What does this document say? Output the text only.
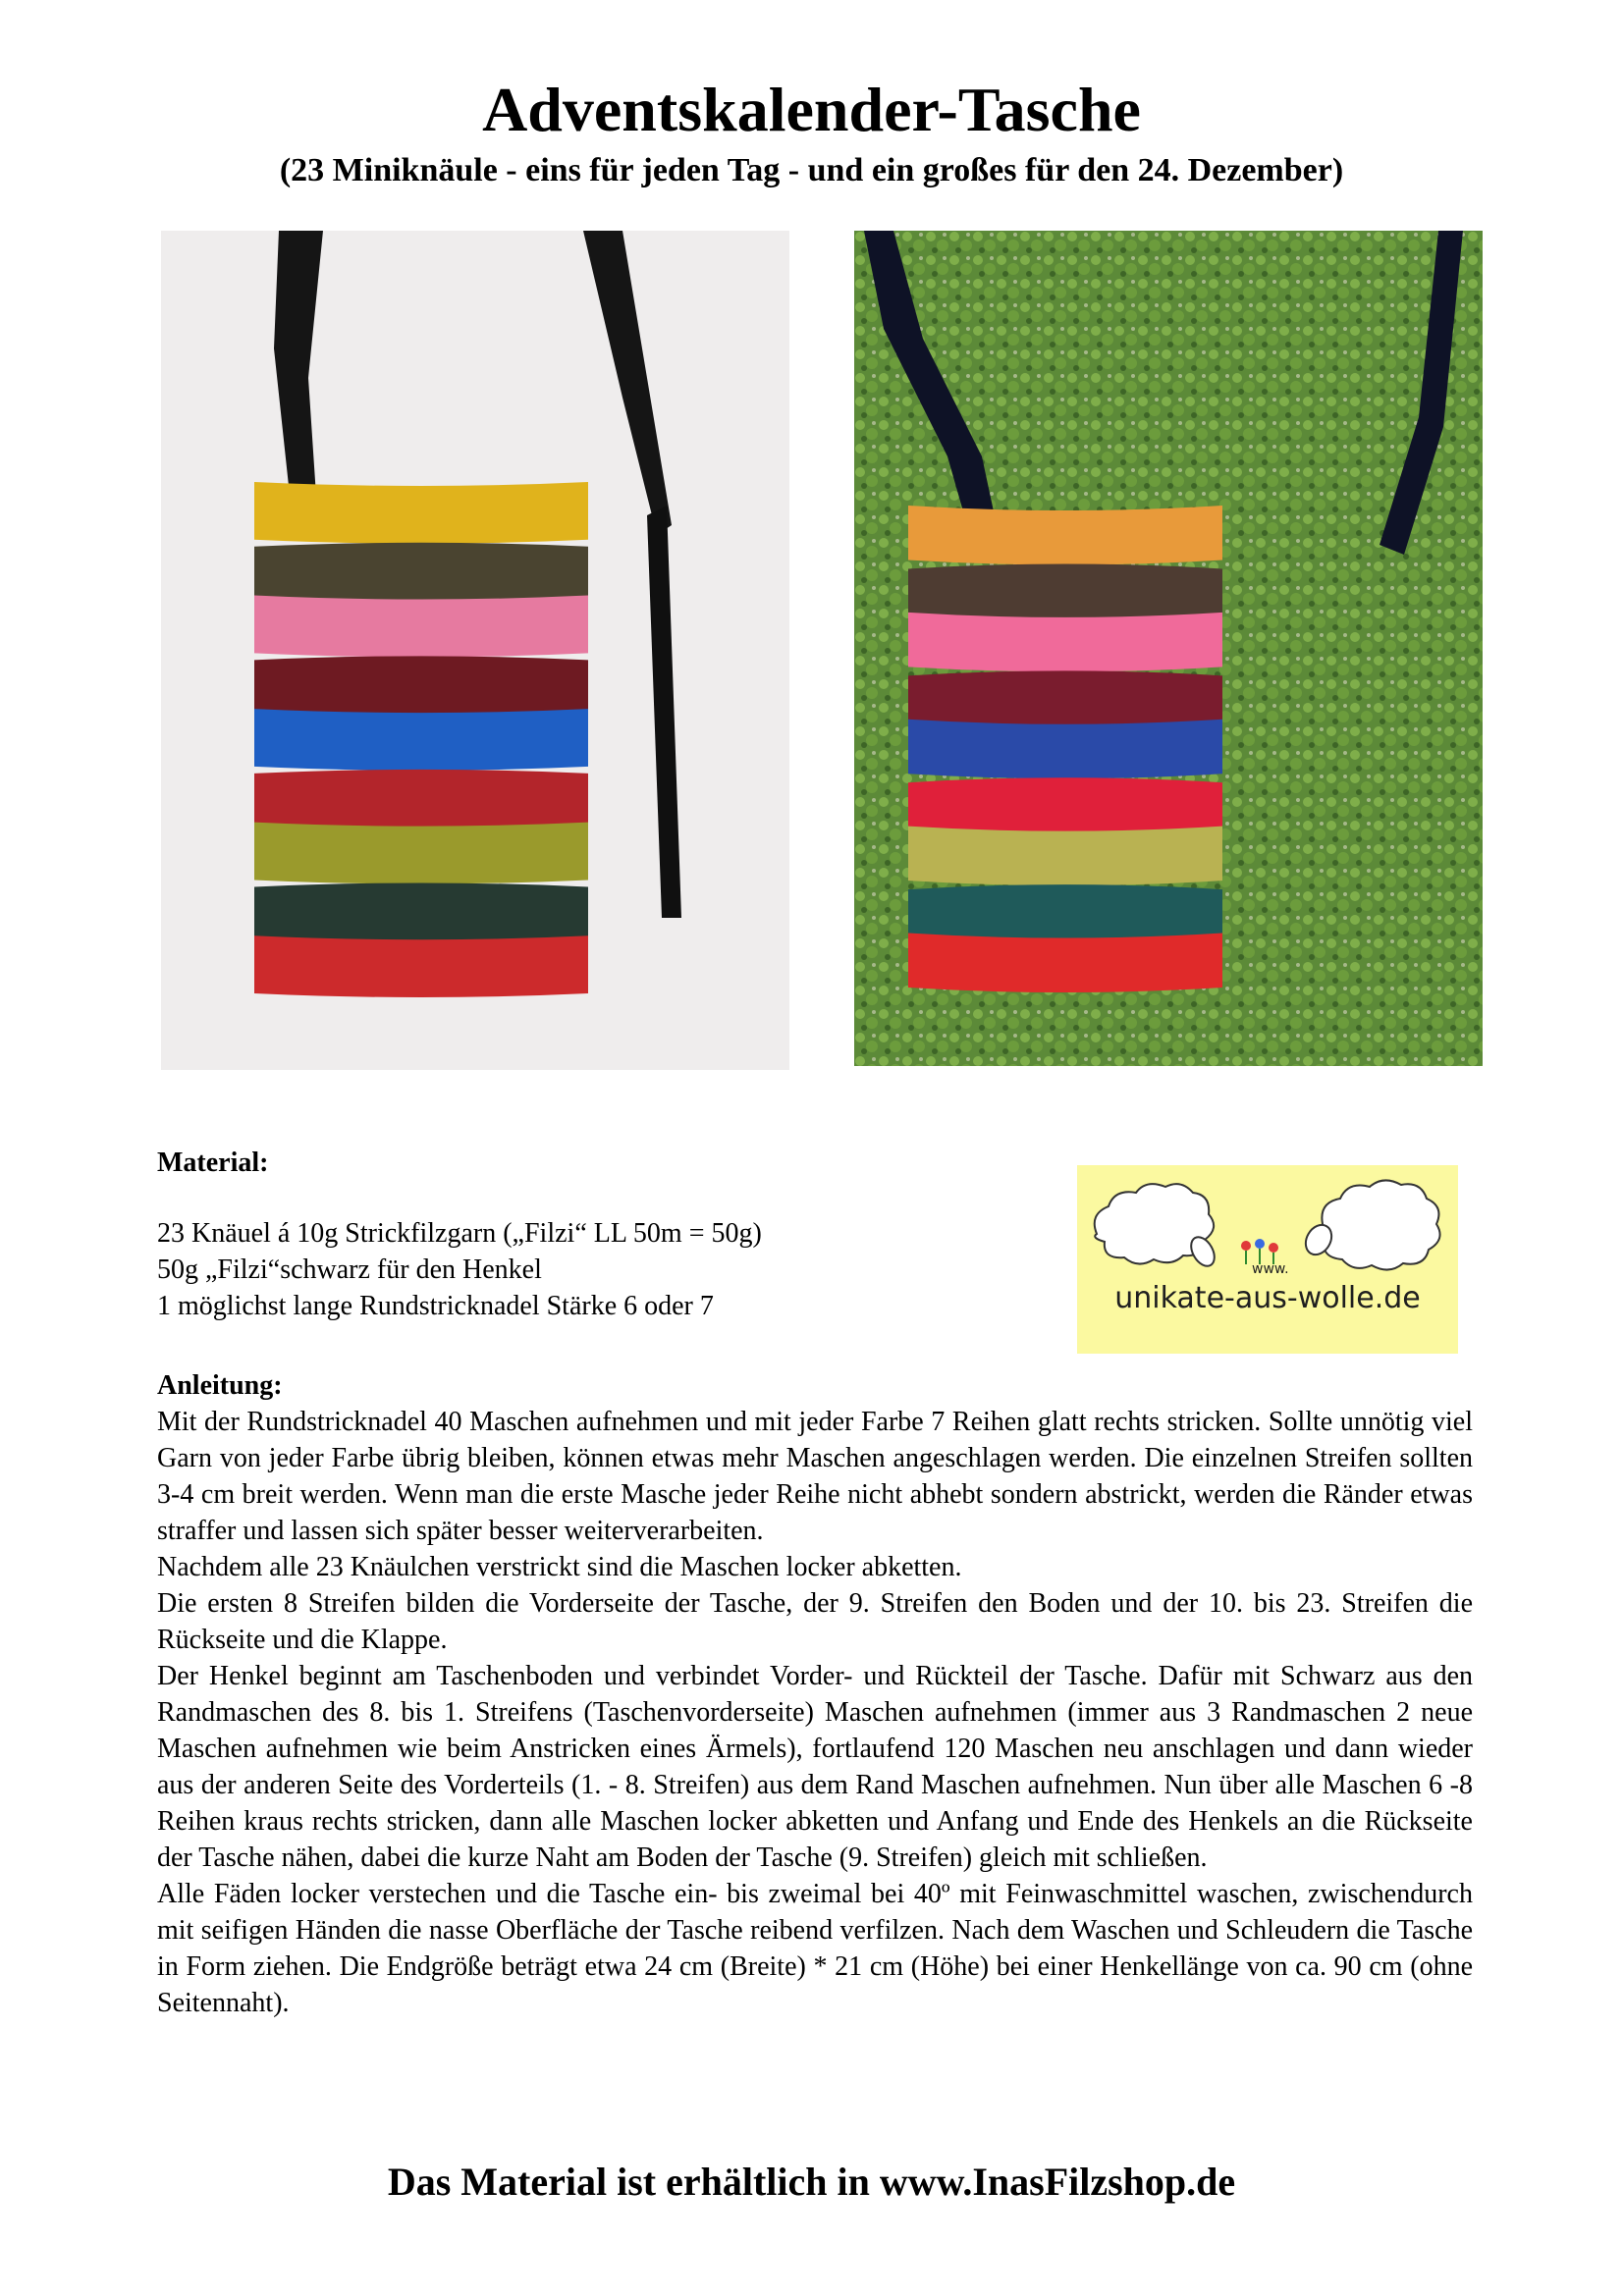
Adventskalender-Tasche
(23 Miniknäule - eins für jeden Tag - und ein großes für den 24. Dezember)
Material:
23 Knäuel á 10g Strickfilzgarn („Filzi“ LL 50m = 50g)
50g „Filzi“schwarz für den Henkel
1 möglichst lange Rundstricknadel Stärke 6 oder 7
www.
unikate-aus-wolle.de
Anleitung:

Mit der Rundstricknadel 40 Maschen aufnehmen und mit jeder Farbe 7 Reihen glatt rechts stricken. Sollte unnötig viel Garn von jeder Farbe übrig bleiben, können etwas mehr Maschen angeschlagen werden. Die einzelnen Streifen sollten 3-4 cm breit werden. Wenn man die erste Masche jeder Reihe nicht abhebt sondern abstrickt, werden die Ränder etwas straffer und lassen sich später besser weiterverarbeiten.

Nachdem alle 23 Knäulchen verstrickt sind die Maschen locker abketten.

Die ersten 8 Streifen bilden die Vorderseite der Tasche, der 9. Streifen den Boden und der 10. bis 23. Streifen die Rückseite und die Klappe.

Der Henkel beginnt am Taschenboden und verbindet Vorder- und Rückteil der Tasche. Dafür mit Schwarz aus den Randmaschen des 8. bis 1. Streifens (Taschenvorderseite) Maschen aufnehmen (immer aus 3 Randmaschen 2 neue Maschen aufnehmen wie beim Anstricken eines Ärmels), fortlaufend 120 Maschen neu anschlagen und dann wieder aus der anderen Seite des Vorderteils (1. - 8. Streifen) aus dem Rand Maschen aufnehmen. Nun über alle Maschen 6 -8 Reihen kraus rechts stricken, dann alle Maschen locker abketten und Anfang und Ende des Henkels an die Rückseite der Tasche nähen, dabei die kurze Naht am Boden der Tasche (9. Streifen) gleich mit schließen.

Alle Fäden locker verstechen und die Tasche ein- bis zweimal bei 40º mit Feinwaschmittel waschen, zwischendurch mit seifigen Händen die nasse Oberfläche der Tasche reibend verfilzen. Nach dem Waschen und Schleudern die Tasche in Form ziehen. Die Endgröße beträgt etwa 24 cm (Breite) * 21 cm (Höhe) bei einer Henkellänge von ca. 90 cm (ohne Seitennaht).

Das Material ist erhältlich in www.InasFilzshop.de
